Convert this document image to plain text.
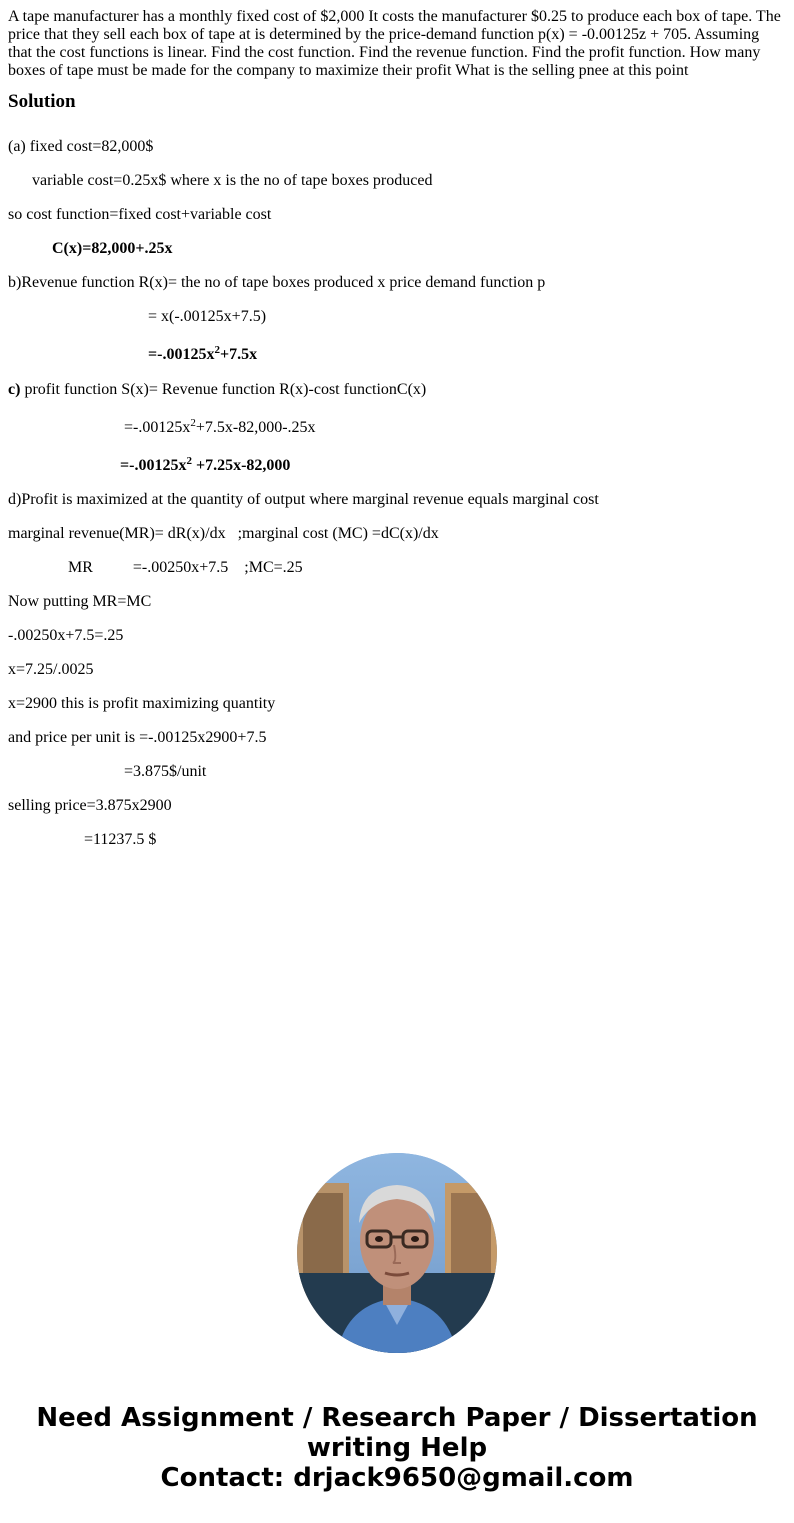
A tape manufacturer has a monthly fixed cost of $2,000 It costs the manufacturer $0.25 to produce each box of tape. The price that they sell each box of tape at is determined by the price-demand function p(x) = -0.00125z + 705. Assuming that the cost functions is linear. Find the cost function. Find the revenue function. Find the profit function. How many boxes of tape must be made for the company to maximize their profit What is the selling pnee at this point

Solution
(a) fixed cost=82,000$
variable cost=0.25x$ where x is the no of tape boxes produced
so cost function=fixed cost+variable cost
C(x)=82,000+.25x
b)Revenue function R(x)= the no of tape boxes produced x price demand function p
= x(-.00125x+7.5)
$=-.00125x^2+7.5x$
c) profit function S(x)= Revenue function R(x)-cost functionC(x)
$=-.00125x^2+7.5x-82,000-.25x$
$=-.00125x^2 +7.25x-82,000$
d)Profit is maximized at the quantity of output where marginal revenue equals marginal cost
marginal revenue(MR)= dR(x)/dx   ;marginal cost (MC) =dC(x)/dx
MR          =-.00250x+7.5    ;MC=.25
Now putting MR=MC
-.00250x+7.5=.25
x=7.25/.0025
x=2900 this is profit maximizing quantity
and price per unit is =-.00125x2900+7.5
=3.875$/unit
selling price=3.875x2900
=11237.5 $
Need Assignment / Research Paper / Dissertation
writing Help
Contact: drjack9650@gmail.com
